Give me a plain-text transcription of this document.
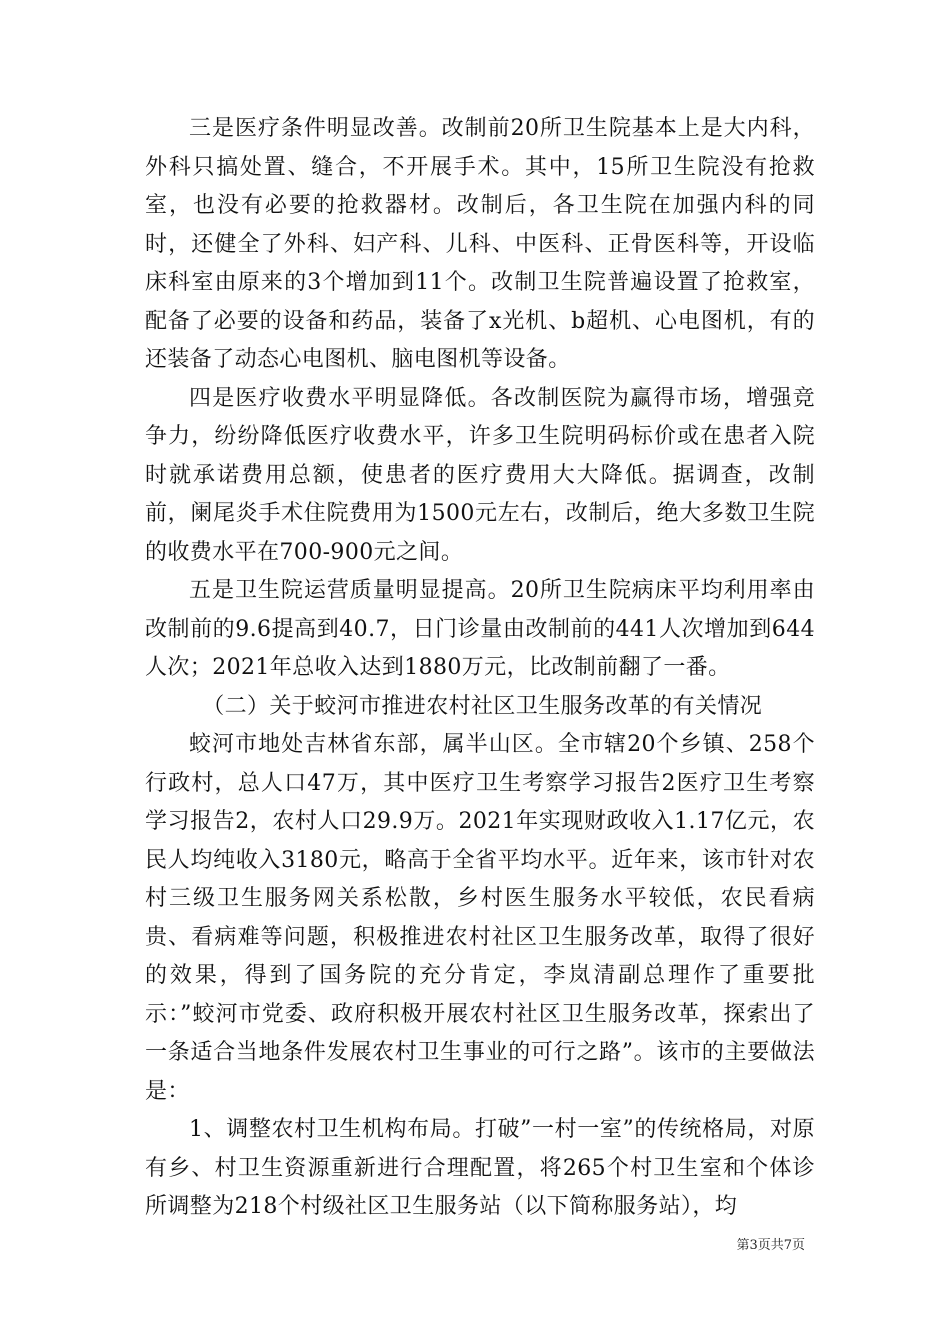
三是医疗条件明显改善。改制前20所卫生院基本上是大内科，外科只搞处置、缝合，不开展手术。其中，15所卫生院没有抢救室，也没有必要的抢救器材。改制后，各卫生院在加强内科的同时，还健全了外科、妇产科、儿科、中医科、正骨医科等，开设临床科室由原来的3个增加到11个。改制卫生院普遍设置了抢救室，配备了必要的设备和药品，装备了x光机、b超机、心电图机，有的还装备了动态心电图机、脑电图机等设备。

四是医疗收费水平明显降低。各改制医院为赢得市场，增强竞争力，纷纷降低医疗收费水平，许多卫生院明码标价或在患者入院时就承诺费用总额，使患者的医疗费用大大降低。据调查，改制前，阑尾炎手术住院费用为1500元左右，改制后，绝大多数卫生院的收费水平在700-900元之间。

五是卫生院运营质量明显提高。20所卫生院病床平均利用率由改制前的9.6提高到40.7，日门诊量由改制前的441人次增加到644人次；2021年总收入达到1880万元，比改制前翻了一番。

（二）关于蛟河市推进农村社区卫生服务改革的有关情况

蛟河市地处吉林省东部，属半山区。全市辖20个乡镇、258个行政村，总人口47万，其中医疗卫生考察学习报告2医疗卫生考察学习报告2，农村人口29.9万。2021年实现财政收入1.17亿元，农民人均纯收入3180元，略高于全省平均水平。近年来，该市针对农村三级卫生服务网关系松散，乡村医生服务水平较低，农民看病贵、看病难等问题，积极推进农村社区卫生服务改革，取得了很好的效果，得到了国务院的充分肯定，李岚清副总理作了重要批示：”蛟河市党委、政府积极开展农村社区卫生服务改革，探索出了一条适合当地条件发展农村卫生事业的可行之路”。该市的主要做法是：

1、调整农村卫生机构布局。打破”一村一室”的传统格局，对原有乡、村卫生资源重新进行合理配置，将265个村卫生室和个体诊所调整为218个村级社区卫生服务站（以下简称服务站），均

第3页共7页
